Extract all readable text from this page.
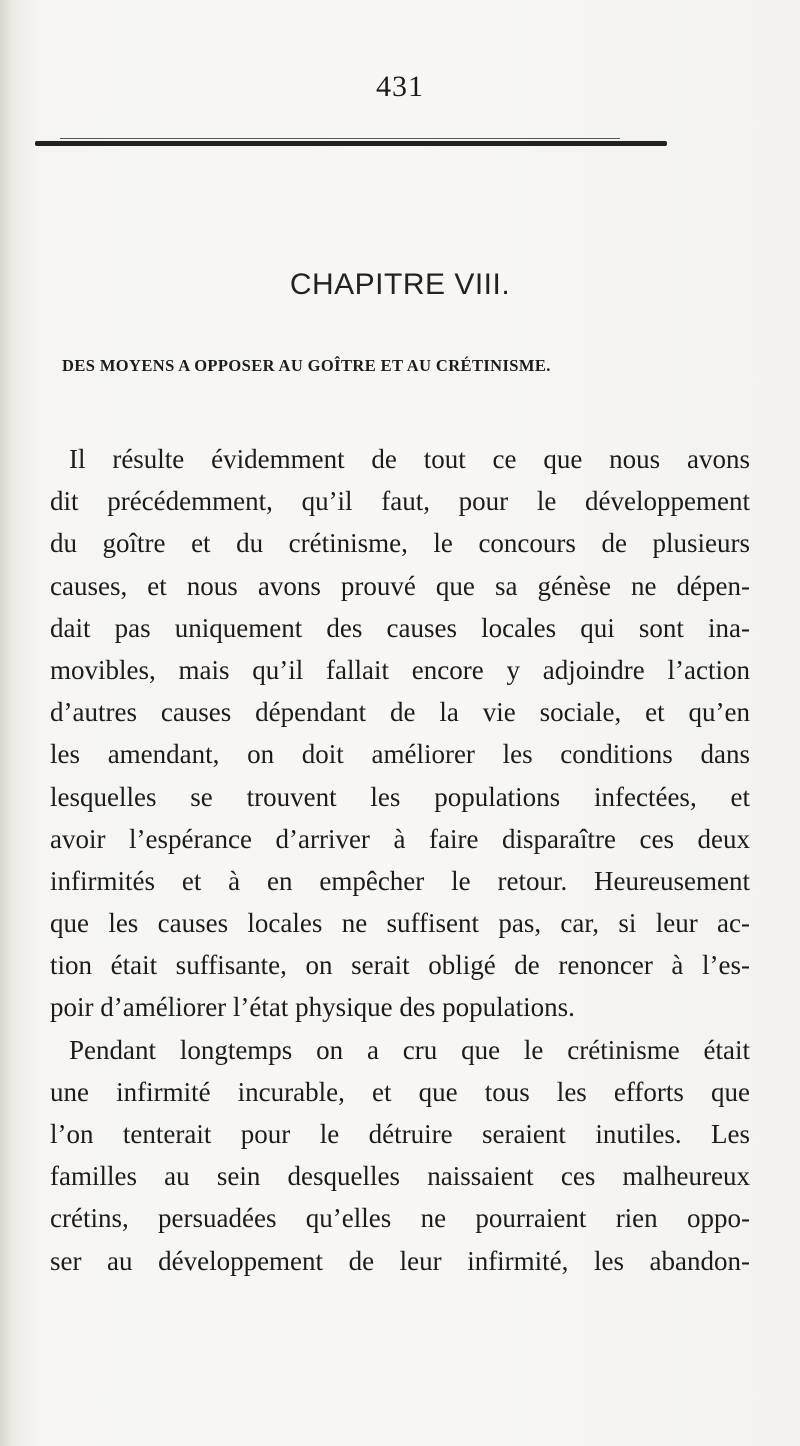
431
CHAPITRE VIII.
DES MOYENS A OPPOSER AU GOÎTRE ET AU CRÉTINISME.
Il résulte évidemment de tout ce que nous avons
dit précédemment, qu’il faut, pour le développement
du goître et du crétinisme, le concours de plusieurs
causes, et nous avons prouvé que sa génèse ne dépen-
dait pas uniquement des causes locales qui sont ina-
movibles, mais qu’il fallait encore y adjoindre l’action
d’autres causes dépendant de la vie sociale, et qu’en
les amendant, on doit améliorer les conditions dans
lesquelles se trouvent les populations infectées, et
avoir l’espérance d’arriver à faire disparaître ces deux
infirmités et à en empêcher le retour. Heureusement
que les causes locales ne suffisent pas, car, si leur ac-
tion était suffisante, on serait obligé de renoncer à l’es-
poir d’améliorer l’état physique des populations.
Pendant longtemps on a cru que le crétinisme était
une infirmité incurable, et que tous les efforts que
l’on tenterait pour le détruire seraient inutiles. Les
familles au sein desquelles naissaient ces malheureux
crétins, persuadées qu’elles ne pourraient rien oppo-
ser au développement de leur infirmité, les abandon-
